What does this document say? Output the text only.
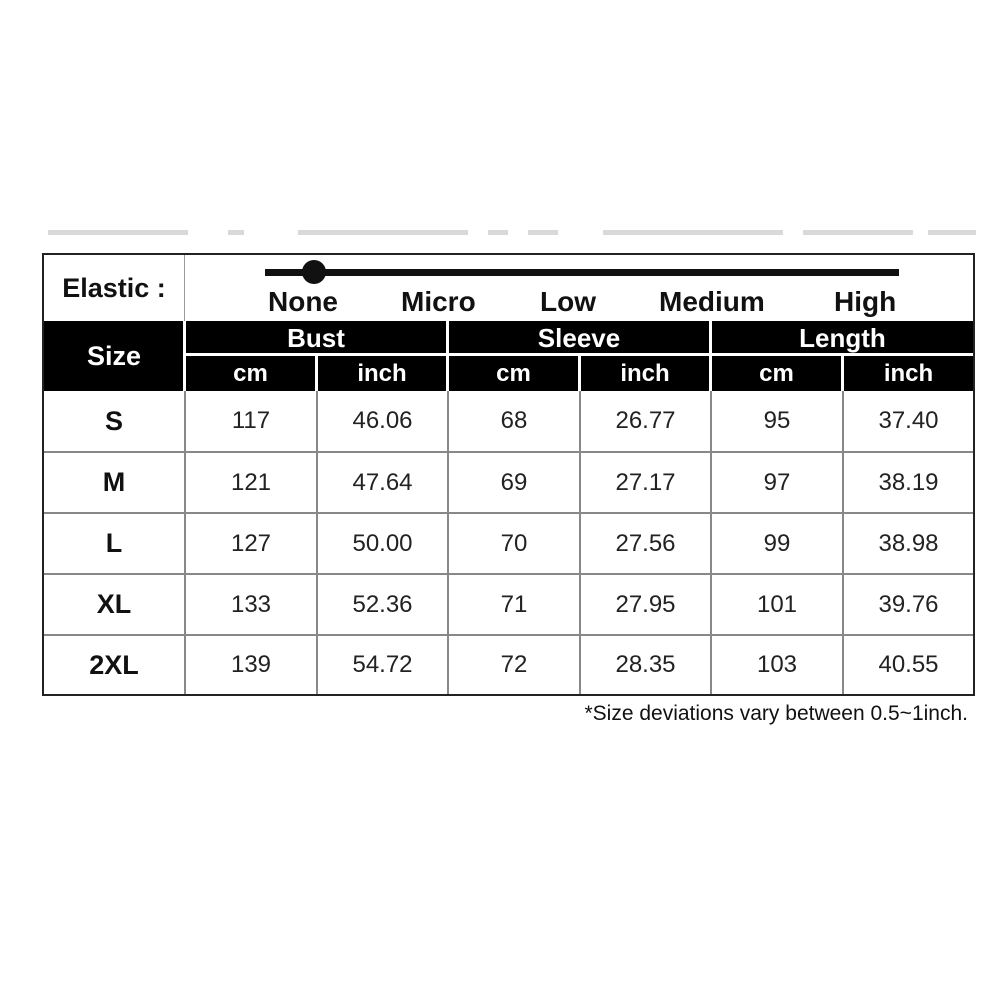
Elastic :	None Micro Low Medium High
Size
Bust	Sleeve	Length
cm	inch	cm	inch	cm	inch
S	117	46.06	68	26.77	95	37.40
M	121	47.64	69	27.17	97	38.19
L	127	50.00	70	27.56	99	38.98
XL	133	52.36	71	27.95	101	39.76
2XL	139	54.72	72	28.35	103	40.55
*Size deviations vary between 0.5~1inch.
